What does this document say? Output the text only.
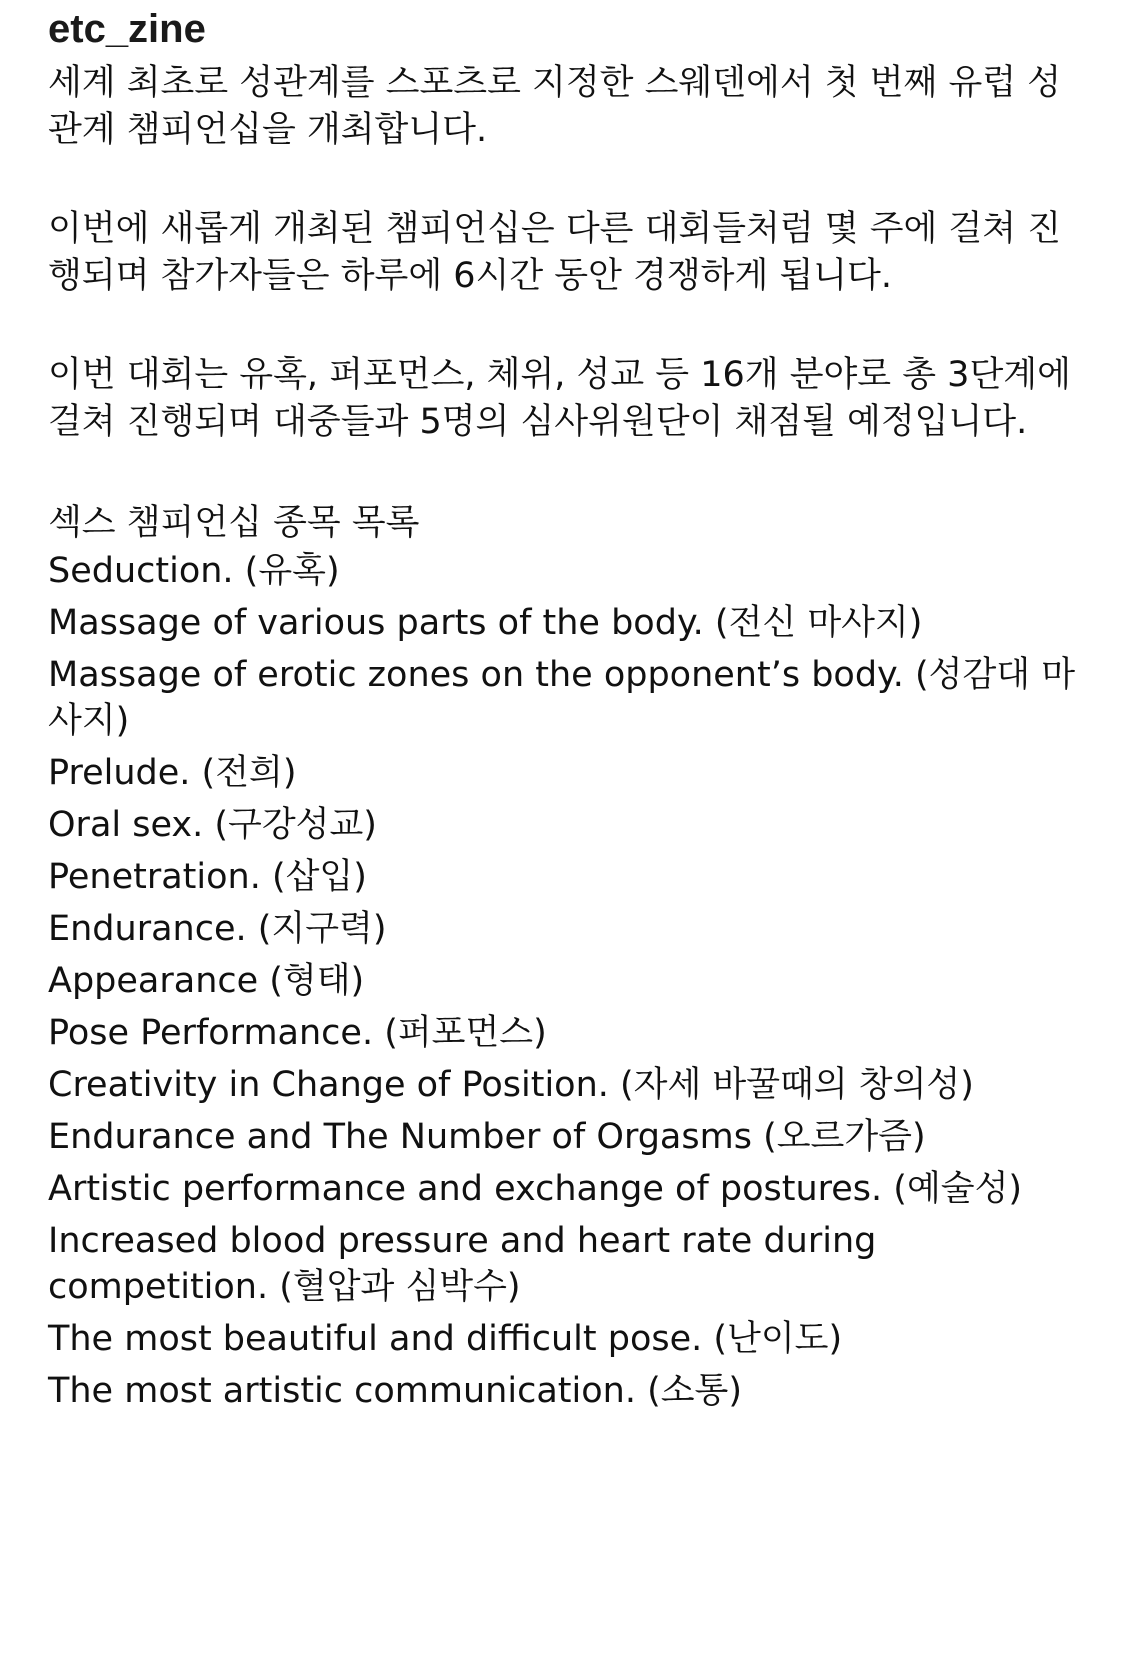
etc_zine

세계 최초로 성관계를 스포츠로 지정한 스웨덴에서 첫 번째 유럽 성관계 챔피언십을 개최합니다.

이번에 새롭게 개최된 챔피언십은 다른 대회들처럼 몇 주에 걸쳐 진행되며 참가자들은 하루에 6시간 동안 경쟁하게 됩니다.

이번 대회는 유혹, 퍼포먼스, 체위, 성교 등 16개 분야로 총 3단계에 걸쳐 진행되며 대중들과 5명의 심사위원단이 채점될 예정입니다.

섹스 챔피언십 종목 목록

Seduction. (유혹)
Massage of various parts of the body. (전신 마사지)
Massage of erotic zones on the opponent’s body. (성감대 마사지)
Prelude. (전희)
Oral sex. (구강성교)
Penetration. (삽입)
Endurance. (지구력)
Appearance (형태)
Pose Performance. (퍼포먼스)
Creativity in Change of Position. (자세 바꿀때의 창의성)
Endurance and The Number of Orgasms (오르가즘)
Artistic performance and exchange of postures. (예술성)
Increased blood pressure and heart rate during competition. (혈압과 심박수)
The most beautiful and difficult pose. (난이도)
The most artistic communication. (소통)
